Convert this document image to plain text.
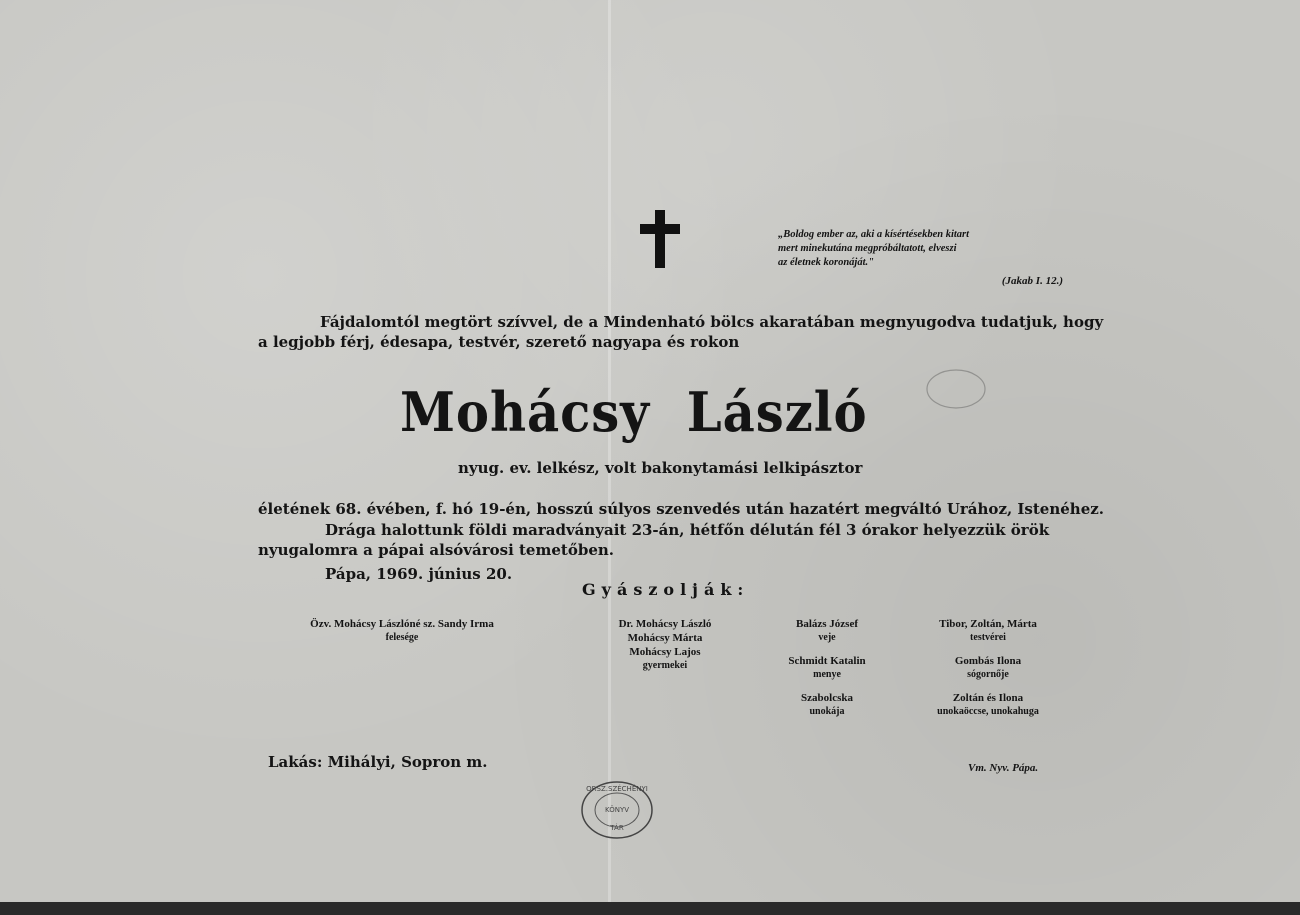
„Boldog ember az, aki a kísértésekben kitart
mert minekutána megpróbáltatott, elveszi
az életnek koronáját."
(Jakab I. 12.)
Fájdalomtól megtört szívvel, de a Mindenható bölcs akaratában megnyugodva tudatjuk, hogy
a legjobb férj, édesapa, testvér, szerető nagyapa és rokon
Mohácsy László
nyug. ev. lelkész, volt bakonytamási lelkipásztor
életének 68. évében, f. hó 19-én, hosszú súlyos szenvedés után hazatért megváltó Urához, Istenéhez.
Drága halottunk földi maradványait 23-án, hétfőn délután fél 3 órakor helyezzük örök
nyugalomra a pápai alsóvárosi temetőben.
Pápa, 1969. június 20.
Gyászolják:
Özv. Mohácsy Lászlóné sz. Sandy Irma
felesége
Dr. Mohácsy László
Mohácsy Márta
Mohácsy Lajos
gyermekei
Balázs József
veje
Schmidt Katalin
menye
Szabolcska
unokája
Tibor, Zoltán, Márta
testvérei
Gombás Ilona
sógornője
Zoltán és Ilona
unokaöccse, unokahuga
Lakás: Mihályi, Sopron m.	Vm. Nyv. Pápa.
ORSZ.SZÉCHÉNYI
KÖNYV
TÁR
